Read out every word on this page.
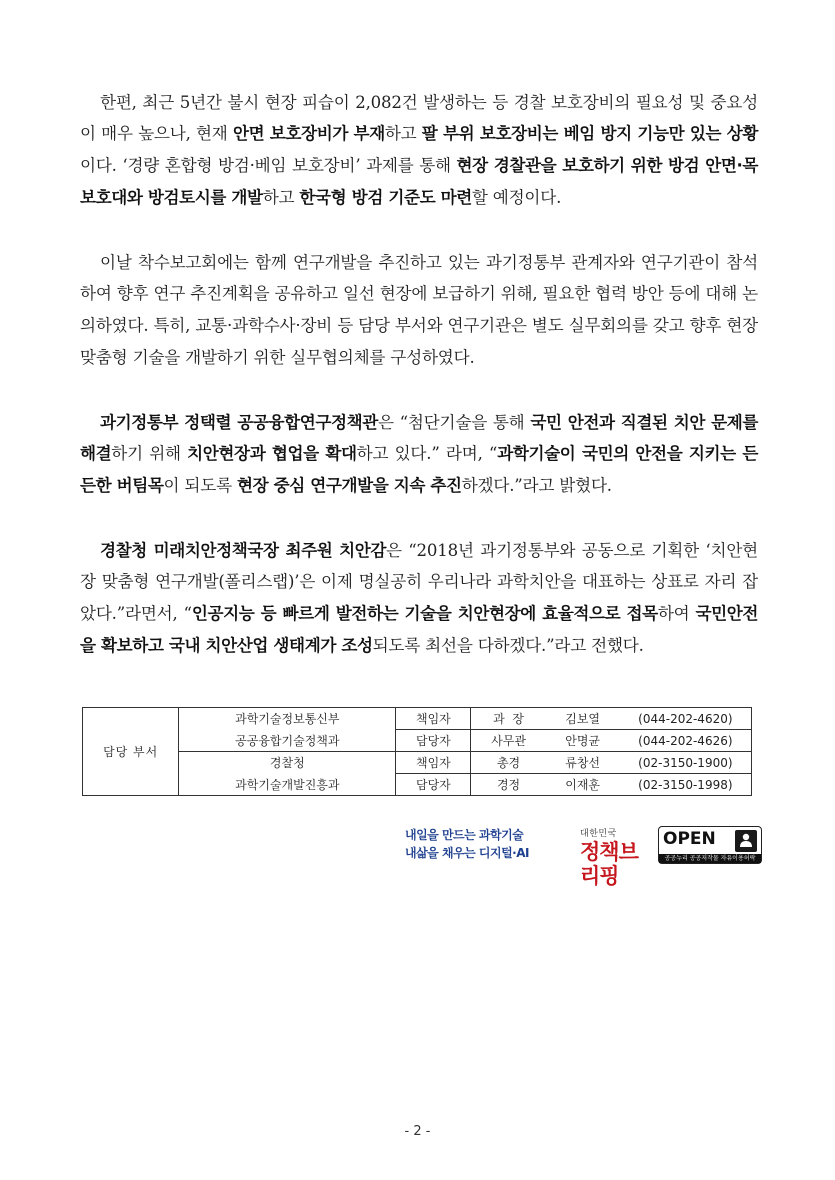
한편, 최근 5년간 불시 현장 피습이 2,082건 발생하는 등 경찰 보호장비의 필요성 및 중요성이 매우 높으나, 현재 안면 보호장비가 부재하고 팔 부위 보호장비는 베임 방지 기능만 있는 상황이다. ‘경량 혼합형 방검·베임 보호장비’ 과제를 통해 현장 경찰관을 보호하기 위한 방검 안면·목 보호대와 방검토시를 개발하고 한국형 방검 기준도 마련할 예정이다.

이날 착수보고회에는 함께 연구개발을 추진하고 있는 과기정통부 관계자와 연구기관이 참석하여 향후 연구 추진계획을 공유하고 일선 현장에 보급하기 위해, 필요한 협력 방안 등에 대해 논의하였다. 특히, 교통·과학수사·장비 등 담당 부서와 연구기관은 별도 실무회의를 갖고 향후 현장 맞춤형 기술을 개발하기 위한 실무협의체를 구성하였다.

과기정통부 정택렬 공공융합연구정책관은 “첨단기술을 통해 국민 안전과 직결된 치안 문제를 해결하기 위해 치안현장과 협업을 확대하고 있다.” 라며, “과학기술이 국민의 안전을 지키는 든든한 버팀목이 되도록 현장 중심 연구개발을 지속 추진하겠다.”라고 밝혔다.

경찰청 미래치안정책국장 최주원 치안감은 “2018년 과기정통부와 공동으로 기획한 ‘치안현장 맞춤형 연구개발(폴리스랩)’은 이제 명실공히 우리나라 과학치안을 대표하는 상표로 자리 잡았다.”라면서, “인공지능 등 빠르게 발전하는 기술을 치안현장에 효율적으로 접목하여 국민안전을 확보하고 국내 치안산업 생태계가 조성되도록 최선을 다하겠다.”라고 전했다.

담당 부서	과학기술정보통신부	책임자	과  장	김보열	(044-202-4620)
	공공융합기술정책과	담당자	사무관	안명균	(044-202-4626)
	경찰청	책임자	총경	류창선	(02-3150-1900)
	과학기술개발진흥과	담당자	경정	이재훈	(02-3150-1998)
내일을 만드는 과학기술
내삶을 채우는 디지털·AI
대한민국
정책브리핑
OPEN
공공누리 공공저작물 자유이용허락
- 2 -
